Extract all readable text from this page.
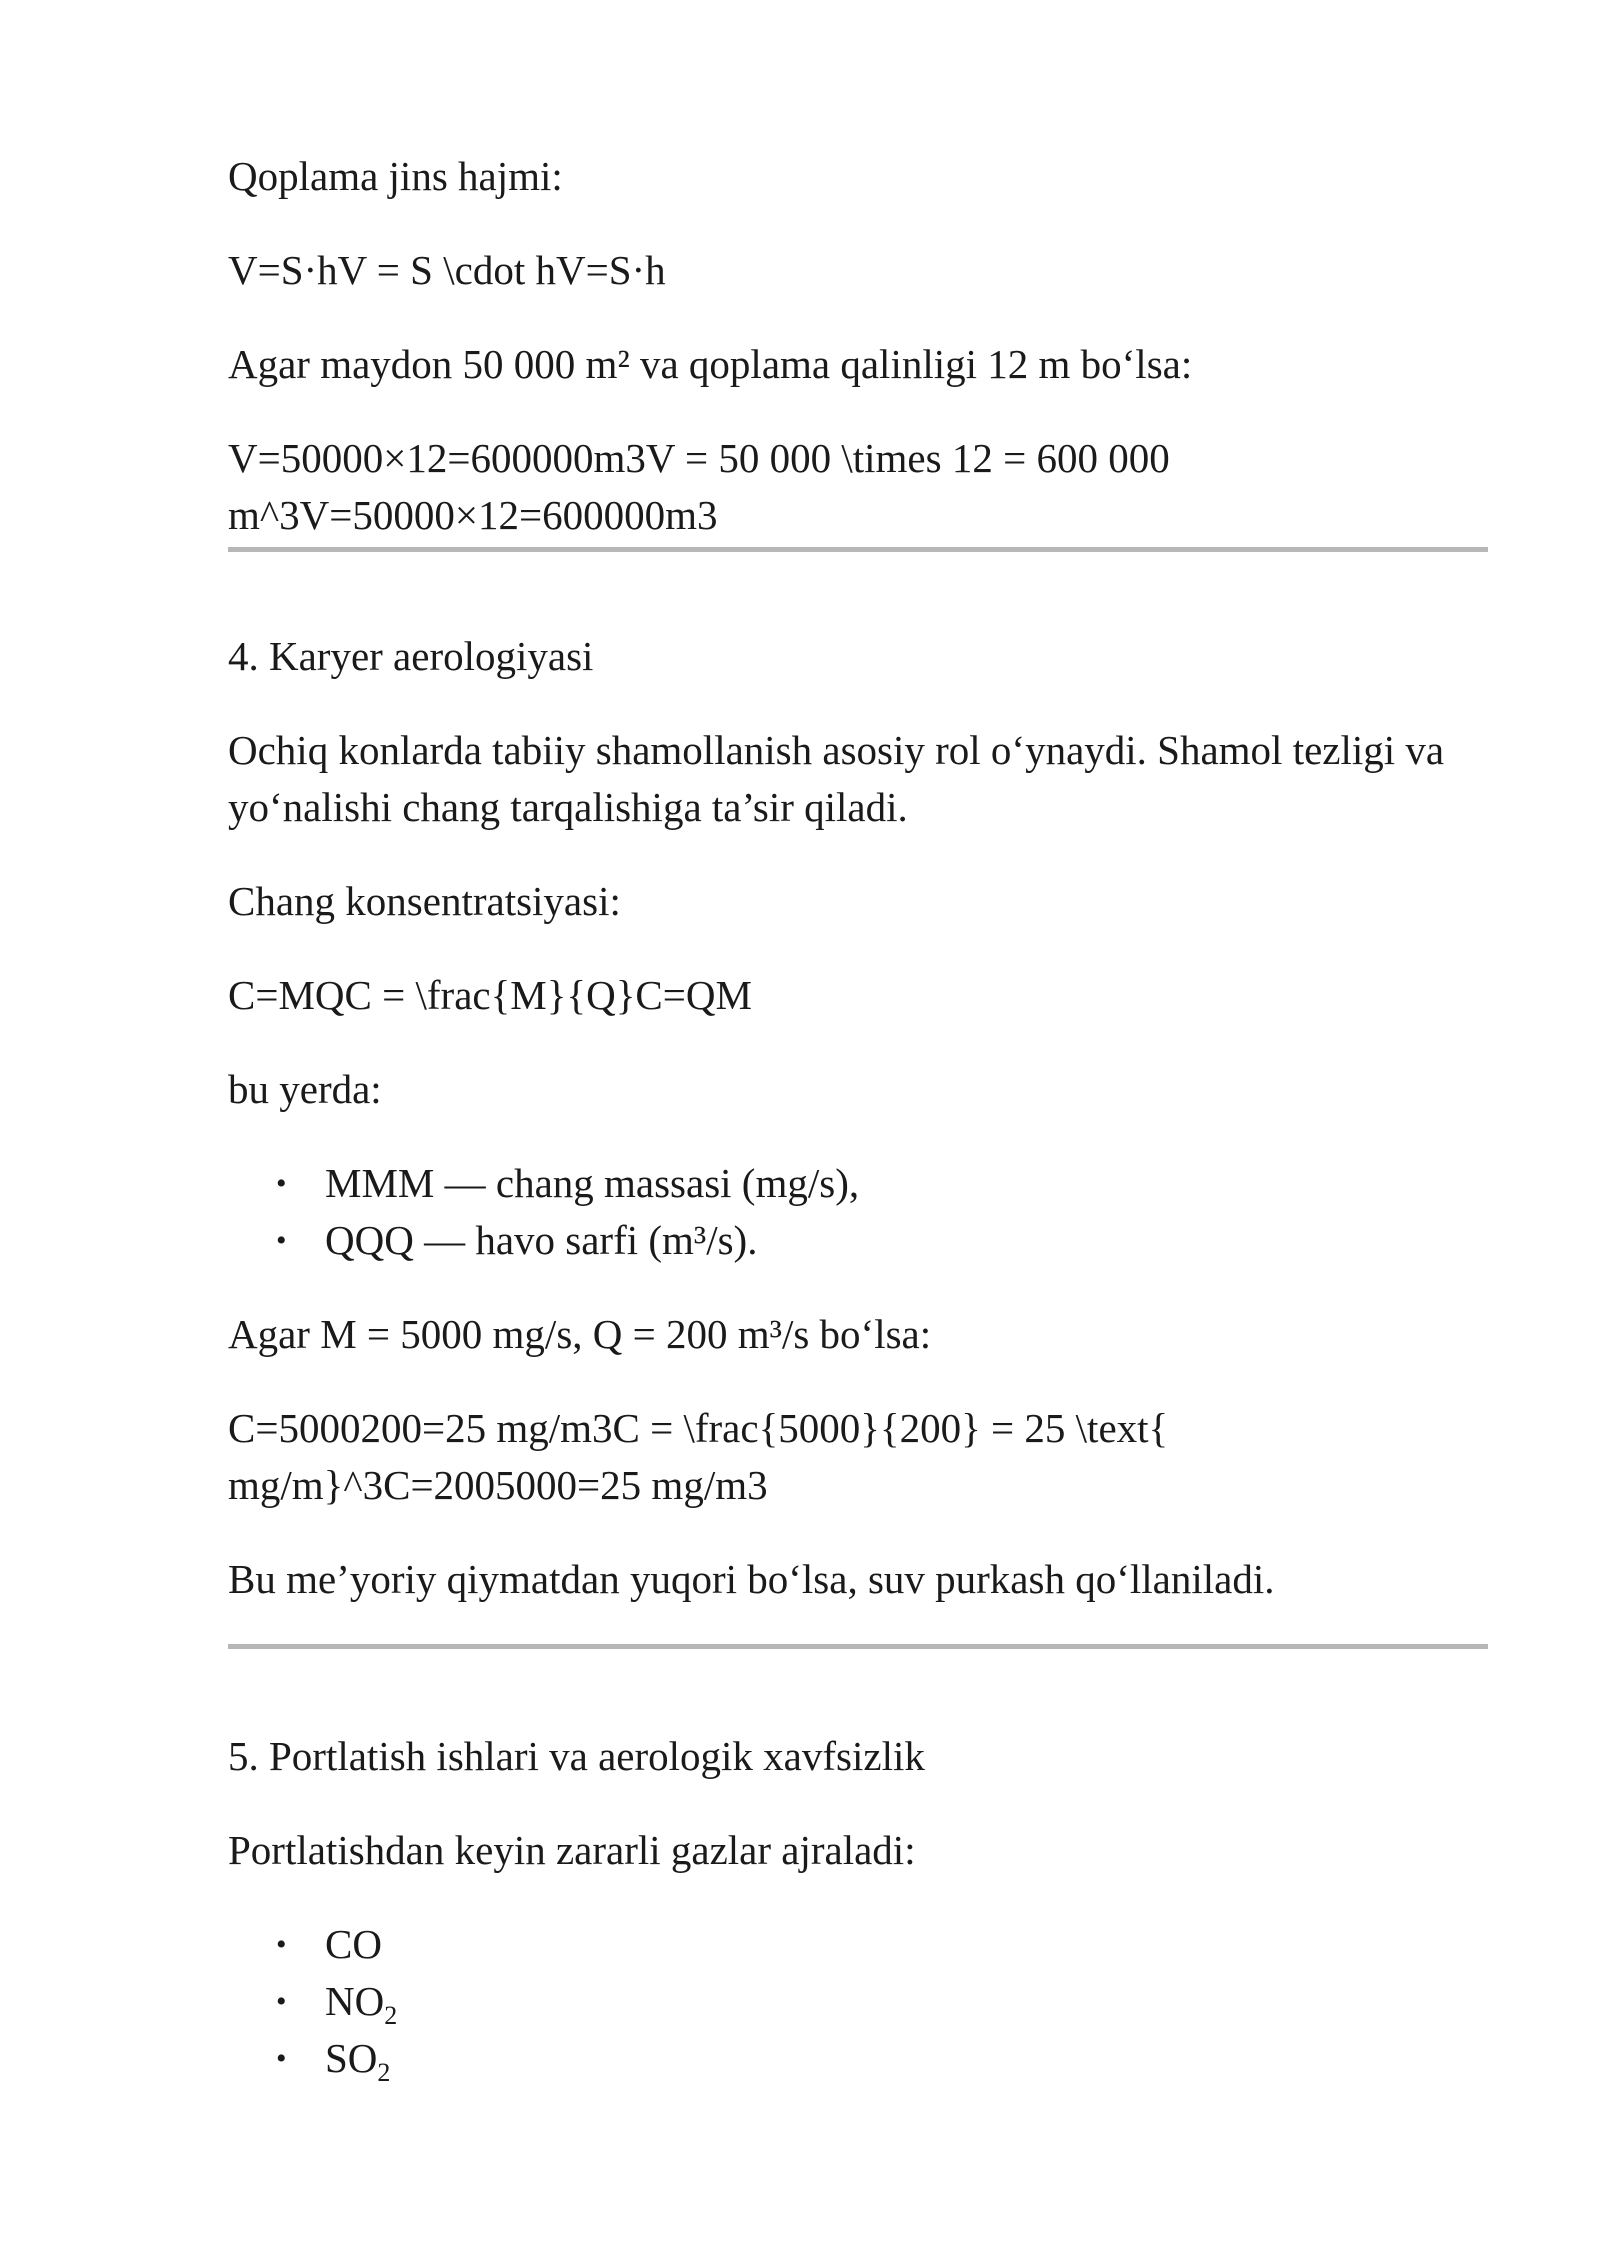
Qoplama jins hajmi:

V=S·hV = S \cdot hV=S·h

Agar maydon 50 000 m² va qoplama qalinligi 12 m bo‘lsa:

V=50000×12=600000m3V = 50 000 \times 12 = 600 000 m^3V=50000×12=600000m3

4. Karyer aerologiyasi

Ochiq konlarda tabiiy shamollanish asosiy rol o‘ynaydi. Shamol tezligi va yo‘nalishi chang tarqalishiga ta’sir qiladi.

Chang konsentratsiyasi:

C=MQC = \frac{M}{Q}C=QM

bu yerda:

• MMM — chang massasi (mg/s),
• QQQ — havo sarfi (m³/s).

Agar M = 5000 mg/s, Q = 200 m³/s bo‘lsa:

C=5000200=25 mg/m3C = \frac{5000}{200} = 25 \text{ mg/m}^3C=2005000=25 mg/m3

Bu me’yoriy qiymatdan yuqori bo‘lsa, suv purkash qo‘llaniladi.

5. Portlatish ishlari va aerologik xavfsizlik

Portlatishdan keyin zararli gazlar ajraladi:

• CO
• $NO_2$
• $SO_2$
